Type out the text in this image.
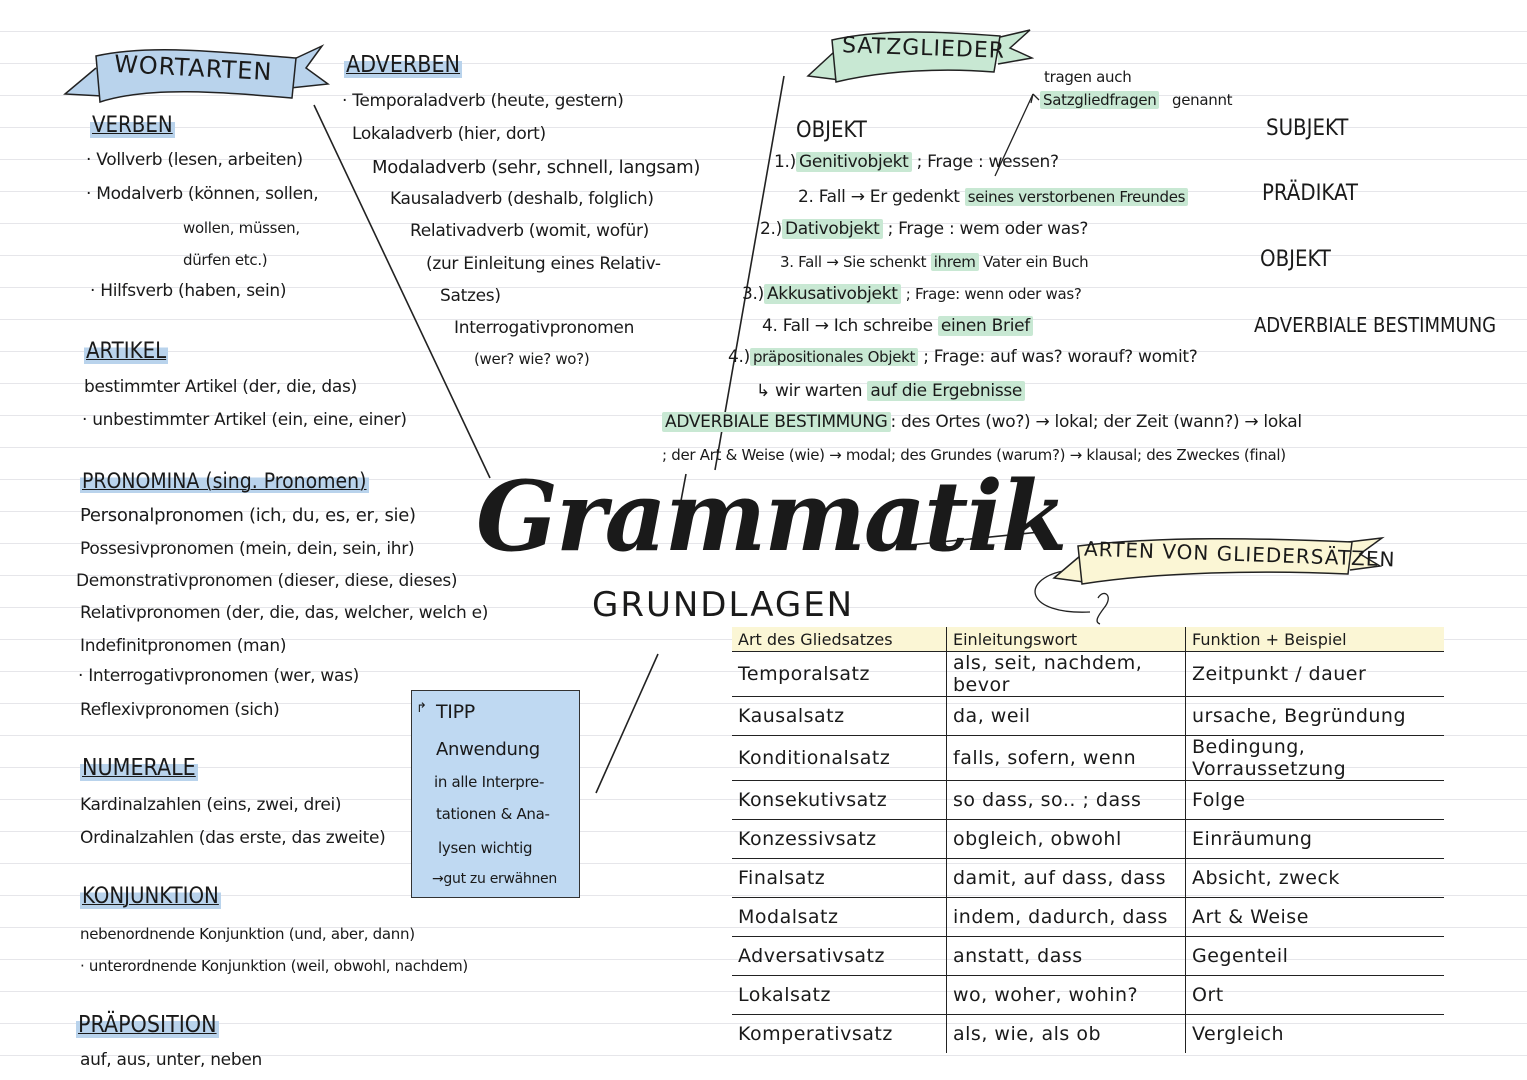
WORTARTEN
VERBEN
· Vollverb (lesen, arbeiten)
· Modalverb (können, sollen,
wollen, müssen,
dürfen etc.)
· Hilfsverb (haben, sein)
ARTIKEL
bestimmter Artikel (der, die, das)
· unbestimmter Artikel (ein, eine, einer)
PRONOMINA (sing. Pronomen)
Personalpronomen (ich, du, es, er, sie)
Possesivpronomen (mein, dein, sein, ihr)
Demonstrativpronomen (dieser, diese, dieses)
Relativpronomen (der, die, das, welcher, welch e)
Indefinitpronomen (man)
· Interrogativpronomen (wer, was)
Reflexivpronomen (sich)
NUMERALE
Kardinalzahlen (eins, zwei, drei)
Ordinalzahlen (das erste, das zweite)
KONJUNKTION
nebenordnende Konjunktion (und, aber, dann)
· unterordnende Konjunktion (weil, obwohl, nachdem)
PRÄPOSITION
auf, aus, unter, neben
ADVERBEN
· Temporaladverb (heute, gestern)
Lokaladverb (hier, dort)
Modaladverb (sehr, schnell, langsam)
Kausaladverb (deshalb, folglich)
Relativadverb (womit, wofür)
(zur Einleitung eines Relativ-
Satzes)
Interrogativpronomen
(wer? wie? wo?)
Grammatik
GRUNDLAGEN
↱ TIPP
Anwendung
in alle Interpre-
tationen & Ana-
lysen wichtig
→gut zu erwähnen
SATZGLIEDER
tragen auch
Satzgliedfragen genannt
OBJEKT
1.) Genitivobjekt ; Frage : wessen?
2. Fall → Er gedenkt seines verstorbenen Freundes
2.) Dativobjekt ; Frage : wem oder was?
3. Fall → Sie schenkt ihrem Vater ein Buch
3.) Akkusativobjekt ; Frage: wenn oder was?
4. Fall → Ich schreibe einen Brief
4.) präpositionales Objekt ; Frage: auf was? worauf? womit?
↳ wir warten auf die Ergebnisse
ADVERBIALE BESTIMMUNG : des Ortes (wo?) → lokal; der Zeit (wann?) → lokal
; der Art & Weise (wie) → modal; des Grundes (warum?) → klausal; des Zweckes (final)
SUBJEKT
PRÄDIKAT
OBJEKT
ADVERBIALE BESTIMMUNG
ARTEN VON GLIEDERSÄTZEN
Art des Gliedsatzes	Einleitungswort	Funktion + Beispiel
Temporalsatz	als, seit, nachdem, bevor	Zeitpunkt / dauer
Kausalsatz	da, weil	ursache, Begründung
Konditionalsatz	falls, sofern, wenn	Bedingung, Vorraussetzung
Konsekutivsatz	so dass, so.. ; dass	Folge
Konzessivsatz	obgleich, obwohl	Einräumung
Finalsatz	damit, auf dass, dass	Absicht, zweck
Modalsatz	indem, dadurch, dass	Art & Weise
Adversativsatz	anstatt, dass	Gegenteil
Lokalsatz	wo, woher, wohin?	Ort
Komperativsatz	als, wie, als ob	Vergleich
